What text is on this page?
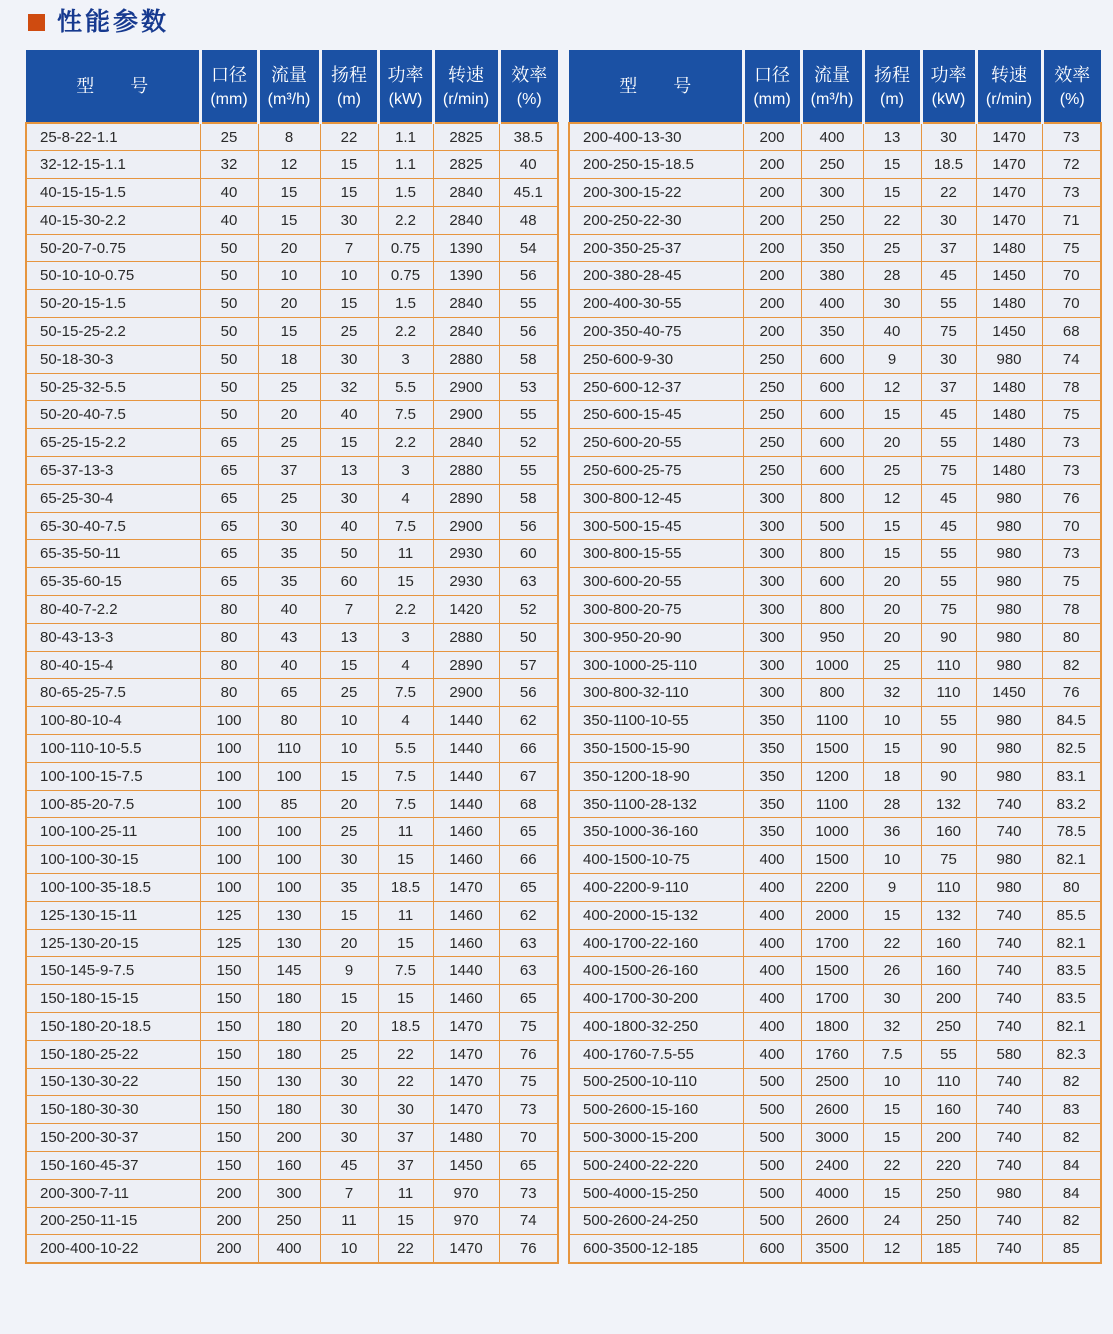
性能参数
型　　号

口径
(mm)

流量
(m³/h)

扬程
(m)

功率
(kW)

转速
(r/min)

效率
(%)

25-8-22-1.1	25	8	22	1.1	2825	38.5
32-12-15-1.1	32	12	15	1.1	2825	40
40-15-15-1.5	40	15	15	1.5	2840	45.1
40-15-30-2.2	40	15	30	2.2	2840	48
50-20-7-0.75	50	20	7	0.75	1390	54
50-10-10-0.75	50	10	10	0.75	1390	56
50-20-15-1.5	50	20	15	1.5	2840	55
50-15-25-2.2	50	15	25	2.2	2840	56
50-18-30-3	50	18	30	3	2880	58
50-25-32-5.5	50	25	32	5.5	2900	53
50-20-40-7.5	50	20	40	7.5	2900	55
65-25-15-2.2	65	25	15	2.2	2840	52
65-37-13-3	65	37	13	3	2880	55
65-25-30-4	65	25	30	4	2890	58
65-30-40-7.5	65	30	40	7.5	2900	56
65-35-50-11	65	35	50	11	2930	60
65-35-60-15	65	35	60	15	2930	63
80-40-7-2.2	80	40	7	2.2	1420	52
80-43-13-3	80	43	13	3	2880	50
80-40-15-4	80	40	15	4	2890	57
80-65-25-7.5	80	65	25	7.5	2900	56
100-80-10-4	100	80	10	4	1440	62
100-110-10-5.5	100	110	10	5.5	1440	66
100-100-15-7.5	100	100	15	7.5	1440	67
100-85-20-7.5	100	85	20	7.5	1440	68
100-100-25-11	100	100	25	11	1460	65
100-100-30-15	100	100	30	15	1460	66
100-100-35-18.5	100	100	35	18.5	1470	65
125-130-15-11	125	130	15	11	1460	62
125-130-20-15	125	130	20	15	1460	63
150-145-9-7.5	150	145	9	7.5	1440	63
150-180-15-15	150	180	15	15	1460	65
150-180-20-18.5	150	180	20	18.5	1470	75
150-180-25-22	150	180	25	22	1470	76
150-130-30-22	150	130	30	22	1470	75
150-180-30-30	150	180	30	30	1470	73
150-200-30-37	150	200	30	37	1480	70
150-160-45-37	150	160	45	37	1450	65
200-300-7-11	200	300	7	11	970	73
200-250-11-15	200	250	11	15	970	74
200-400-10-22	200	400	10	22	1470	76
型　　号

口径
(mm)

流量
(m³/h)

扬程
(m)

功率
(kW)

转速
(r/min)

效率
(%)

200-400-13-30	200	400	13	30	1470	73
200-250-15-18.5	200	250	15	18.5	1470	72
200-300-15-22	200	300	15	22	1470	73
200-250-22-30	200	250	22	30	1470	71
200-350-25-37	200	350	25	37	1480	75
200-380-28-45	200	380	28	45	1450	70
200-400-30-55	200	400	30	55	1480	70
200-350-40-75	200	350	40	75	1450	68
250-600-9-30	250	600	9	30	980	74
250-600-12-37	250	600	12	37	1480	78
250-600-15-45	250	600	15	45	1480	75
250-600-20-55	250	600	20	55	1480	73
250-600-25-75	250	600	25	75	1480	73
300-800-12-45	300	800	12	45	980	76
300-500-15-45	300	500	15	45	980	70
300-800-15-55	300	800	15	55	980	73
300-600-20-55	300	600	20	55	980	75
300-800-20-75	300	800	20	75	980	78
300-950-20-90	300	950	20	90	980	80
300-1000-25-110	300	1000	25	110	980	82
300-800-32-110	300	800	32	110	1450	76
350-1100-10-55	350	1100	10	55	980	84.5
350-1500-15-90	350	1500	15	90	980	82.5
350-1200-18-90	350	1200	18	90	980	83.1
350-1100-28-132	350	1100	28	132	740	83.2
350-1000-36-160	350	1000	36	160	740	78.5
400-1500-10-75	400	1500	10	75	980	82.1
400-2200-9-110	400	2200	9	110	980	80
400-2000-15-132	400	2000	15	132	740	85.5
400-1700-22-160	400	1700	22	160	740	82.1
400-1500-26-160	400	1500	26	160	740	83.5
400-1700-30-200	400	1700	30	200	740	83.5
400-1800-32-250	400	1800	32	250	740	82.1
400-1760-7.5-55	400	1760	7.5	55	580	82.3
500-2500-10-110	500	2500	10	110	740	82
500-2600-15-160	500	2600	15	160	740	83
500-3000-15-200	500	3000	15	200	740	82
500-2400-22-220	500	2400	22	220	740	84
500-4000-15-250	500	4000	15	250	980	84
500-2600-24-250	500	2600	24	250	740	82
600-3500-12-185	600	3500	12	185	740	85
